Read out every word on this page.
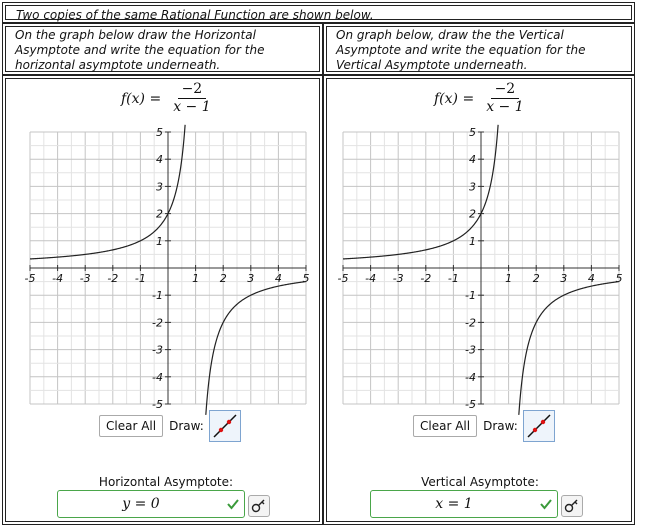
Two copies of the same Rational Function are shown below.
On the graph below draw the Horizontal Asymptote and write the equation for the horizontal asymptote underneath.
On graph below, draw the the Vertical Asymptote and write the equation for the Vertical Asymptote underneath.
$f(x) = \frac{-2}{x - 1}$
-5 -4 -3 -2 -1	1 2 3 4 5
5
4
3
2
1
-1
-2
-3
-4
-5
Clear All	Draw:
Horizontal Asymptote:
y = 0
$f(x) = \frac{-2}{x - 1}$
-5 -4 -3 -2 -1	1 2 3 4 5
5
4
3
2
1
-1
-2
-3
-4
-5
Clear All	Draw:
Vertical Asymptote:
x = 1
